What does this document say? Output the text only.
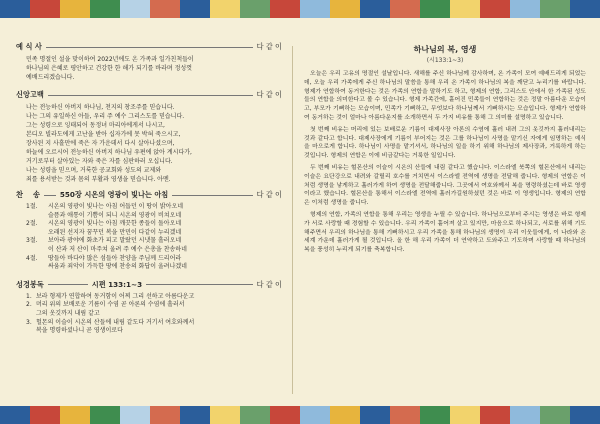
예 식 사	다 같 이

민족 명절인 설을 맞이하여 2022년에도 온 가족과 일가친척들이

하나님의 은혜로 평안하고 건강한 한 해가 되기를 바라며 정성껏

예배드리겠습니다.

신앙고백	다 같 이

나는 전능하신 아버지 하나님, 천지의 창조주를 믿습니다.

나는 그의 유일하신 아들, 우리 주 예수 그리스도를 믿습니다.

그는 성령으로 잉태되어 동정녀 마리아에게서 나시고,

본디오 빌라도에게 고난을 받아 십자가에 못 박혀 죽으시고,

장사된 지 사흘만에 죽은 자 가운데서 다시 살아나셨으며,

하늘에 오르시어 전능하신 아버지 하나님 우편에 앉아 계시다가,

거기로부터 살아있는 자와 죽은 자를 심판하러 오십니다.

나는 성령을 믿으며, 거룩한 공교회와 성도의 교제와

죄를 용서받는 것과 몸의 부활과 영생을 믿습니다. 아멘.

찬    송	550장 시온의 영광이 빛나는 아침	다 같 이
1절.	시온의 영광이 빛나는 아침 어둡던 이 땅이 밝아오네
슬픔과 애통이 기쁨이 되니 시온의 영광이 비쳐오네
2절.	시온의 영광이 빛나는 아침 깨끗한 종들이 돌아오네
오래된 선지자 꿈꾸던 복을 만민이 다같이 누리겠네
3절.	보아라 광야에 화초가 피고 말랐던 시냇물 흘러오네
이 산과 저 산이 마주쳐 울려 주 예수 은총을 찬송하네
4절.	땅들아 바다야 많은 섬들아 찬양을 주님께 드리어라
싸움과 죄악이 가득한 땅에 찬송의 화답이 울려나겠네
성경봉독	시편 133:1~3	다 같 이
1. 보라 형제가 연합하여 동거함이 어찌 그리 선하고 아름다운고
2. 머리 위의 보배로운 기름이 수염 곧 아론의 수염에 흘러서
그의 옷깃까지 내림 같고
3. 헐몬의 이슬이 시온의 산들에 내림 같도다 거기서 여호와께서
복을 명령하셨나니 곧 영생이로다
하나님의 복, 영생
(시133:1~3)

오늘은 우리 고유의 명절인 설날입니다. 새해를 주신 하나님께 감사하며, 온 가족이 모여 예배드리게 되었는데, 오늘 우리 가족에게 주신 하나님의 말씀을 통해 우리 온 가족이 하나님의 복을 깨닫고 누리기를 바랍니다. 형제가 연합하여 동거한다는 것은 가족의 연합을 말하기도 하고, 형제의 연합, 그리스도 안에서 한 가족된 성도들의 연합을 의미한다고 볼 수 있습니다. 형제 가족간에, 흩어진 민족들이 연합하는 것은 정말 아름다운 모습이고, 부모가 기뻐하는 모습이며, 민족가 기뻐하고, 무엇보다 하나님께서 기뻐하시는 모습입니다. 형제가 연합하여 동거하는 것이 얼마나 아름다운지를 소개하면서 두 가지 비유를 통해 그 의미를 설명하고 있습니다.

첫 번째 비유는 머리에 있는 보배로운 기름이 대제사장 아론의 수염에 흘러 내려 그의 옷깃까지 흘러내리는 것과 같다고 합니다. 대제사장에게 기름이 부어지는 것은 그를 하나님이 사명을 맡기신 자에게 임명하는 예식을 마으로게 합니다. 하나님이 사명을 맡기셔서, 하나님의 일을 하기 위해 하나님의 제사장과, 거룩하게 하는 것입니다. 형제의 연합은 이에 비금같다는 거룩한 일입니다.

두 번째 비유는 헐몬산의 이슬이 시온의 산들에 내림 같다고 했습니다. 이스라엘 북쪽의 헐몬산에서 내리는 이슬은 요단강으로 내려와 갈릴리 호수를 거치면서 이스라엘 전역에 생명을 전달해 줍니다. 형제의 연합은 이처럼 생명을 낳게하고 흘러가게 하여 생명을 전달해줍니다. 그곳에서 여호와께서 복을 명령하셨는데 바로 영생이라고 했습니다. 헐몬산을 통해서 이스라엘 전역에 흘러가길원하셨던 것은 바로 이 영생입니다. 형제의 연합은 이처럼 생명을 줍니다.

형제의 연합, 가족의 연합을 통해 우리는 영생을 누릴 수 있습니다. 하나님으로부터 주시는 영생은 바로 형제가 서로 사랑할 때 경험할 수 있습니다. 우리 가족이 흩어져 살고 있지만, 마음으로 하나되고, 서로를 위해 기도해주면서 우리의 하나님을 통해 기뻐하시고 우리 가족을 통해 하나님의 생명이 우리 이웃들에게, 이 나라와 온 세계 가운데 흘러가게 될 것입니다. 올 한 해 우리 가족이 더 연약하고 도와주고 기도하며 사랑할 때 하나님의 복을 풍성히 누리게 되기를 축복합니다.
